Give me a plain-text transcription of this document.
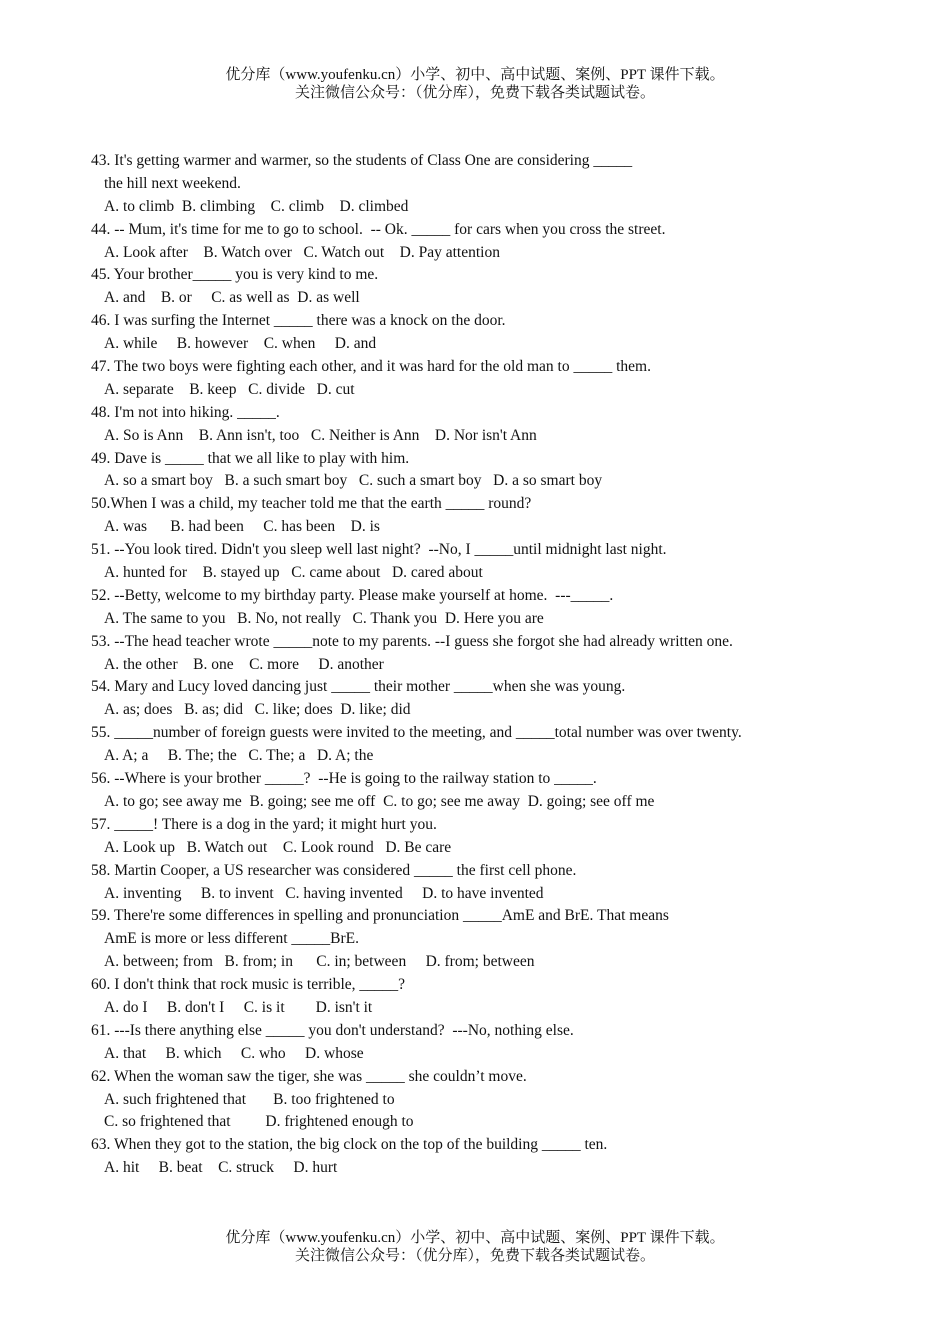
优分库（www.youfenku.cn）小学、初中、高中试题、案例、PPT 课件下载。
关注微信公众号：（优分库），免费下载各类试题试卷。
43. It's getting warmer and warmer, so the students of Class One are considering _____
the hill next weekend.
A. to climb  B. climbing    C. climb    D. climbed
44. -- Mum, it's time for me to go to school.  -- Ok. _____ for cars when you cross the street.
A. Look after    B. Watch over   C. Watch out    D. Pay attention
45. Your brother_____ you is very kind to me.
A. and    B. or     C. as well as  D. as well
46. I was surfing the Internet _____ there was a knock on the door.
A. while     B. however    C. when     D. and
47. The two boys were fighting each other, and it was hard for the old man to _____ them.
A. separate    B. keep   C. divide   D. cut
48. I'm not into hiking. _____.
A. So is Ann    B. Ann isn't, too   C. Neither is Ann    D. Nor isn't Ann
49. Dave is _____ that we all like to play with him.
A. so a smart boy   B. a such smart boy   C. such a smart boy   D. a so smart boy
50.When I was a child, my teacher told me that the earth _____ round?
A. was      B. had been     C. has been    D. is
51. --You look tired. Didn't you sleep well last night?  --No, I _____until midnight last night.
A. hunted for    B. stayed up   C. came about   D. cared about
52. --Betty, welcome to my birthday party. Please make yourself at home.  ---_____.
A. The same to you   B. No, not really   C. Thank you  D. Here you are
53. --The head teacher wrote _____note to my parents. --I guess she forgot she had already written one.
A. the other    B. one    C. more     D. another
54. Mary and Lucy loved dancing just _____ their mother _____when she was young.
A. as; does   B. as; did   C. like; does  D. like; did
55. _____number of foreign guests were invited to the meeting, and _____total number was over twenty.
A. A; a     B. The; the   C. The; a   D. A; the
56. --Where is your brother _____?  --He is going to the railway station to _____.
A. to go; see away me  B. going; see me off  C. to go; see me away  D. going; see off me
57. _____! There is a dog in the yard; it might hurt you.
A. Look up   B. Watch out    C. Look round   D. Be care
58. Martin Cooper, a US researcher was considered _____ the first cell phone.
A. inventing     B. to invent   C. having invented     D. to have invented
59. There're some differences in spelling and pronunciation _____AmE and BrE. That means
AmE is more or less different _____BrE.
A. between; from   B. from; in      C. in; between     D. from; between
60. I don't think that rock music is terrible, _____?
A. do I     B. don't I     C. is it        D. isn't it
61. ---Is there anything else _____ you don't understand?  ---No, nothing else.
A. that     B. which     C. who     D. whose
62. When the woman saw the tiger, she was _____ she couldn’t move.
A. such frightened that       B. too frightened to
C. so frightened that         D. frightened enough to
63. When they got to the station, the big clock on the top of the building _____ ten.
A. hit     B. beat    C. struck     D. hurt
优分库（www.youfenku.cn）小学、初中、高中试题、案例、PPT 课件下载。
关注微信公众号：（优分库），免费下载各类试题试卷。
